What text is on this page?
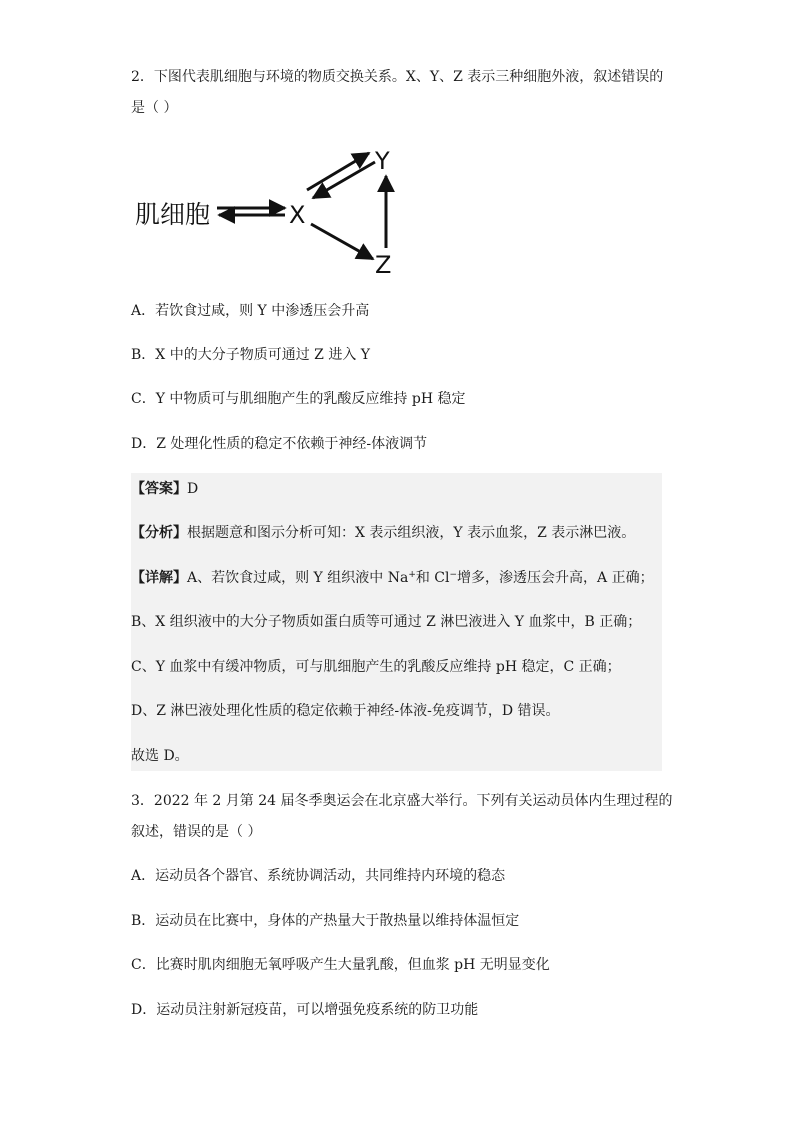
2．下图代表肌细胞与环境的物质交换关系。X、Y、Z 表示三种细胞外液，叙述错误的
是（ ）
肌细胞	X
Y
Z
A．若饮食过咸，则 Y 中渗透压会升高
B．X 中的大分子物质可通过 Z 进入 Y
C．Y 中物质可与肌细胞产生的乳酸反应维持 pH 稳定
D．Z 处理化性质的稳定不依赖于神经-体液调节
【答案】D
【分析】根据题意和图示分析可知：X 表示组织液，Y 表示血浆，Z 表示淋巴液。
【详解】A、若饮食过咸，则 Y 组织液中 Na+和 Cl−增多，渗透压会升高，A 正确；
B、X 组织液中的大分子物质如蛋白质等可通过 Z 淋巴液进入 Y 血浆中，B 正确；
C、Y 血浆中有缓冲物质，可与肌细胞产生的乳酸反应维持 pH 稳定，C 正确；
D、Z 淋巴液处理化性质的稳定依赖于神经-体液-免疫调节，D 错误。
故选 D。
3．2022 年 2 月第 24 届冬季奥运会在北京盛大举行。下列有关运动员体内生理过程的
叙述，错误的是（ ）
A．运动员各个器官、系统协调活动，共同维持内环境的稳态
B．运动员在比赛中，身体的产热量大于散热量以维持体温恒定
C．比赛时肌肉细胞无氧呼吸产生大量乳酸，但血浆 pH 无明显变化
D．运动员注射新冠疫苗，可以增强免疫系统的防卫功能
